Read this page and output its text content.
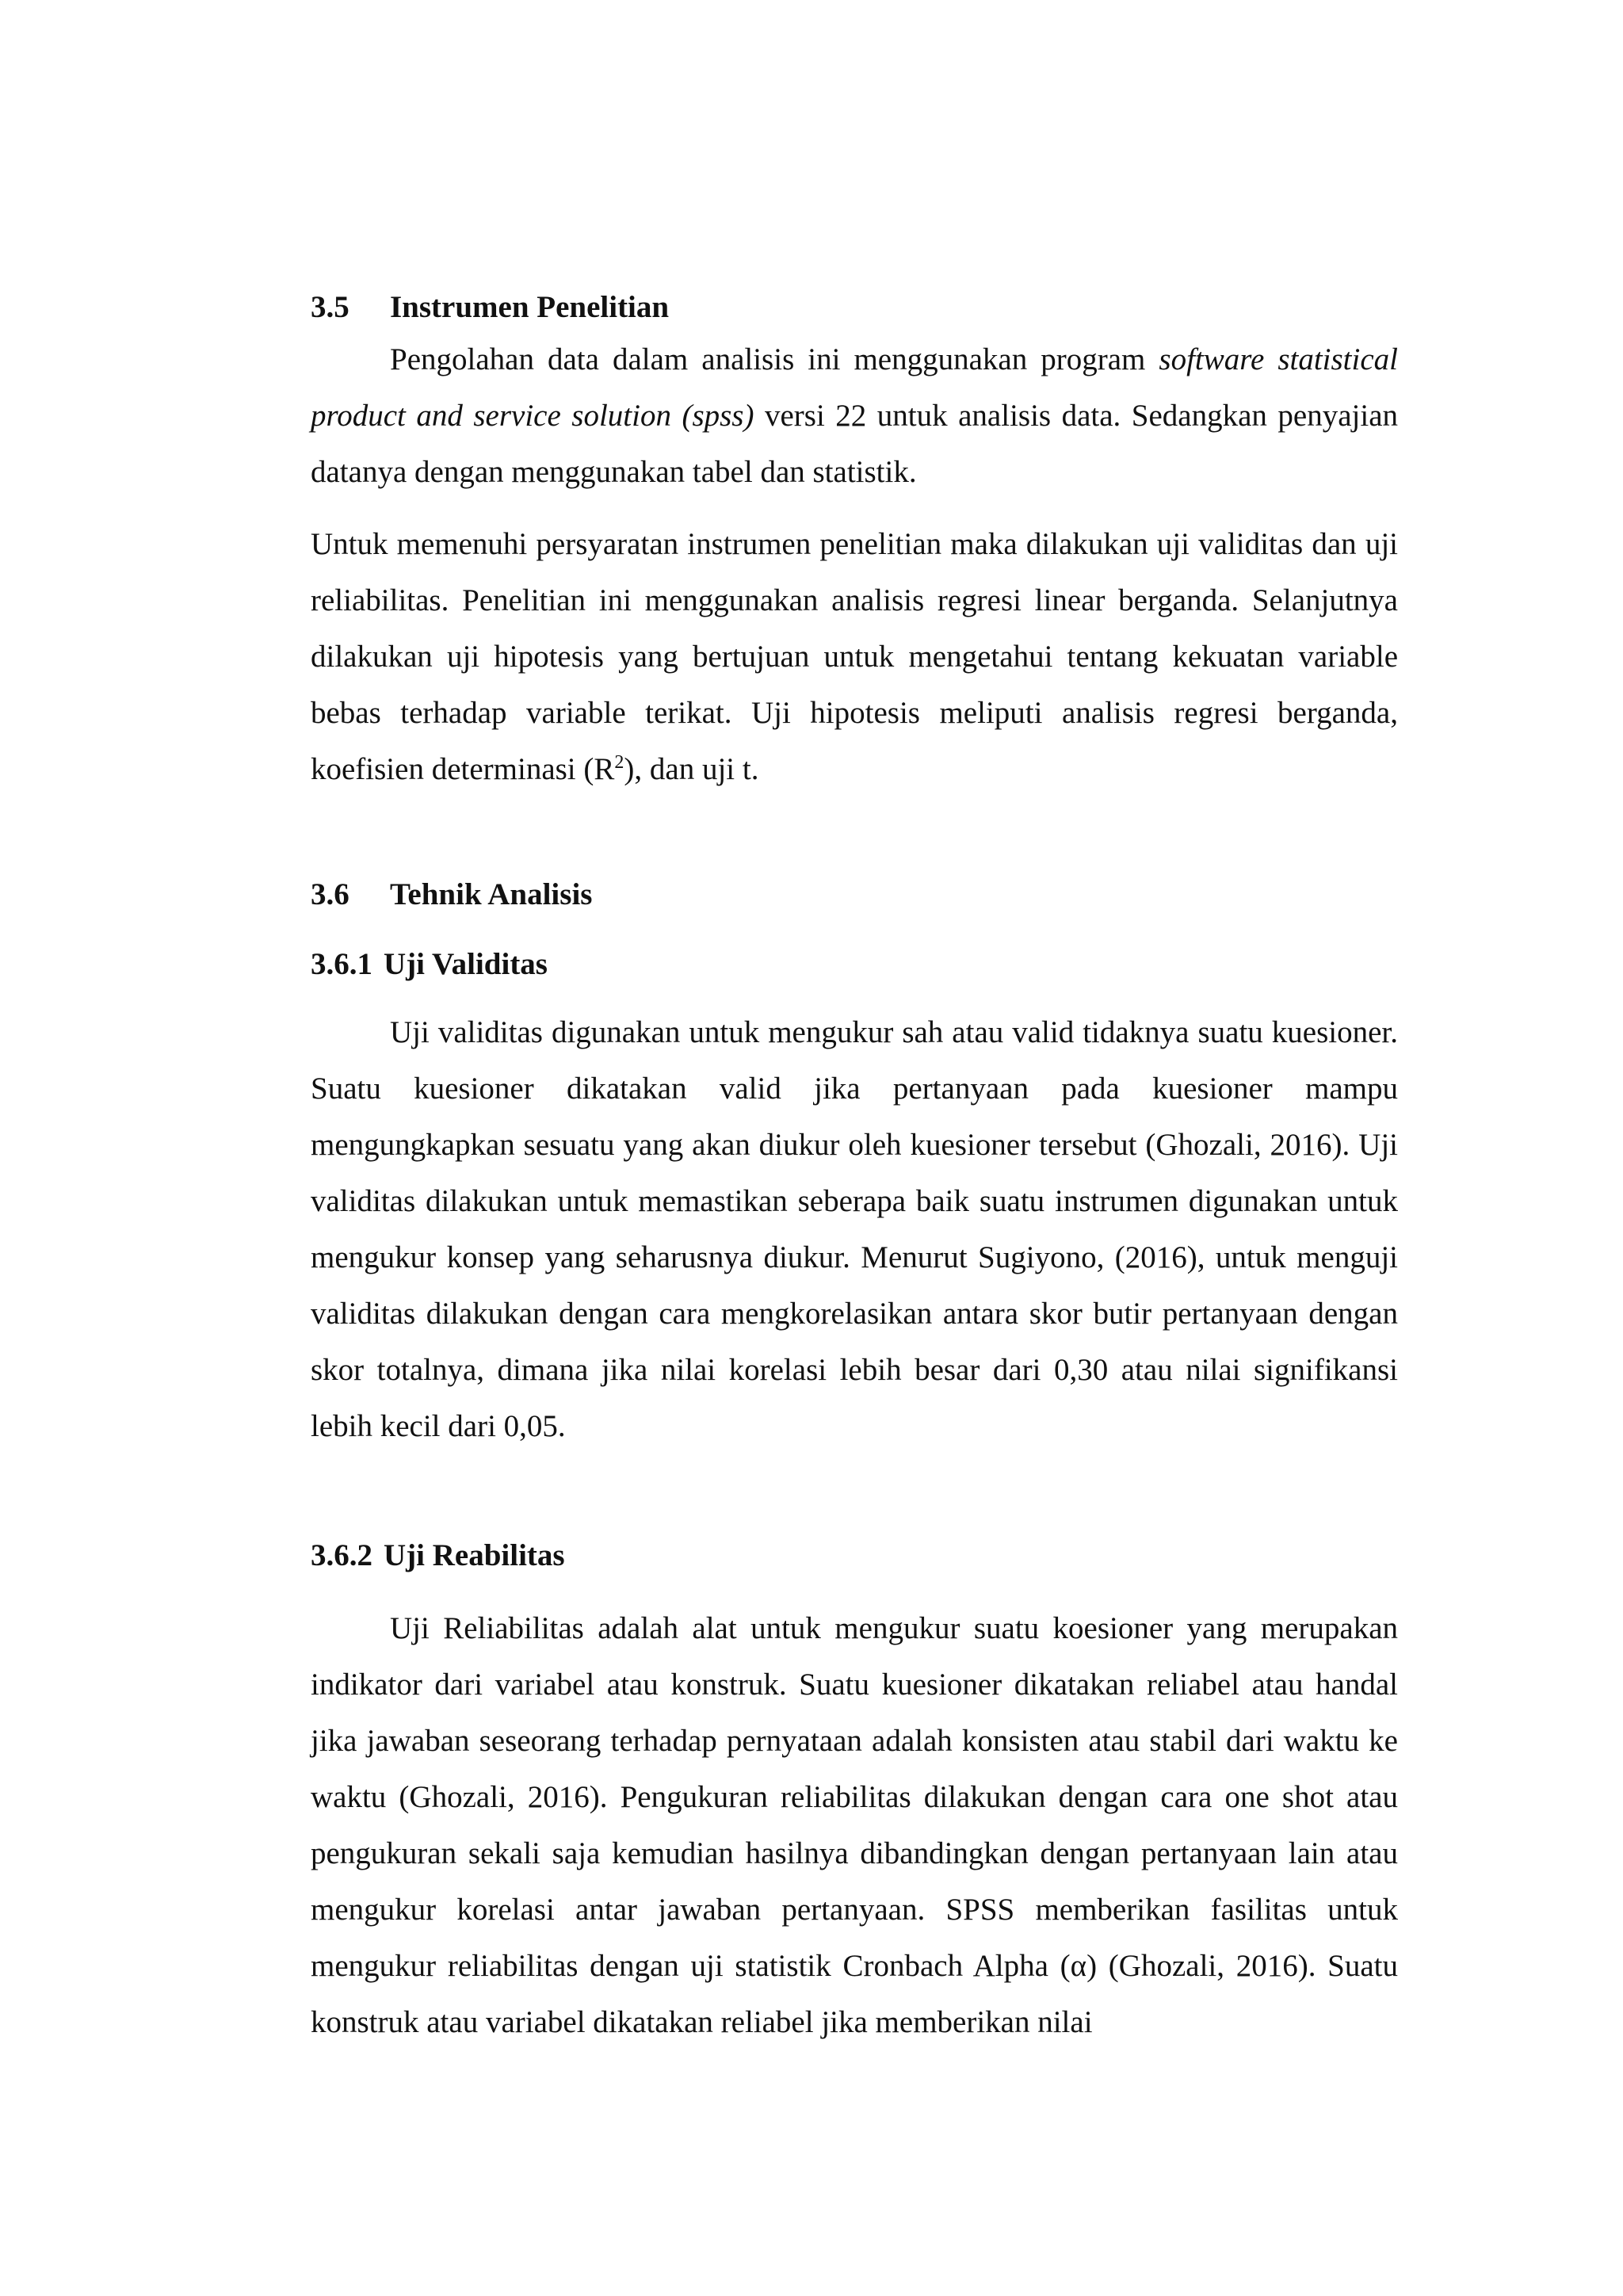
3.5 Instrumen Penelitian

Pengolahan data dalam analisis ini menggunakan program software statistical product and service solution (spss) versi 22 untuk analisis data. Sedangkan penyajian datanya dengan menggunakan tabel dan statistik.

Untuk memenuhi persyaratan instrumen penelitian maka dilakukan uji validitas dan uji reliabilitas. Penelitian ini menggunakan analisis regresi linear berganda. Selanjutnya dilakukan uji hipotesis yang bertujuan untuk mengetahui tentang kekuatan variable bebas terhadap variable terikat. Uji hipotesis meliputi analisis regresi berganda, koefisien determinasi $(R^2)$, dan uji t.

3.6 Tehnik Analisis
3.6.1 Uji Validitas

Uji validitas digunakan untuk mengukur sah atau valid tidaknya suatu kuesioner. Suatu kuesioner dikatakan valid jika pertanyaan pada kuesioner mampu mengungkapkan sesuatu yang akan diukur oleh kuesioner tersebut (Ghozali, 2016). Uji validitas dilakukan untuk memastikan seberapa baik suatu instrumen digunakan untuk mengukur konsep yang seharusnya diukur. Menurut Sugiyono, (2016), untuk menguji validitas dilakukan dengan cara mengkorelasikan antara skor butir pertanyaan dengan skor totalnya, dimana jika nilai korelasi lebih besar dari 0,30 atau nilai signifikansi lebih kecil dari 0,05.

3.6.2 Uji Reabilitas

Uji Reliabilitas adalah alat untuk mengukur suatu koesioner yang merupakan indikator dari variabel atau konstruk. Suatu kuesioner dikatakan reliabel atau handal jika jawaban seseorang terhadap pernyataan adalah konsisten atau stabil dari waktu ke waktu (Ghozali, 2016). Pengukuran reliabilitas dilakukan dengan cara one shot atau pengukuran sekali saja kemudian hasilnya dibandingkan dengan pertanyaan lain atau mengukur korelasi antar jawaban pertanyaan. SPSS memberikan fasilitas untuk mengukur reliabilitas dengan uji statistik Cronbach Alpha (α) (Ghozali, 2016). Suatu konstruk atau variabel dikatakan reliabel jika memberikan nilai
